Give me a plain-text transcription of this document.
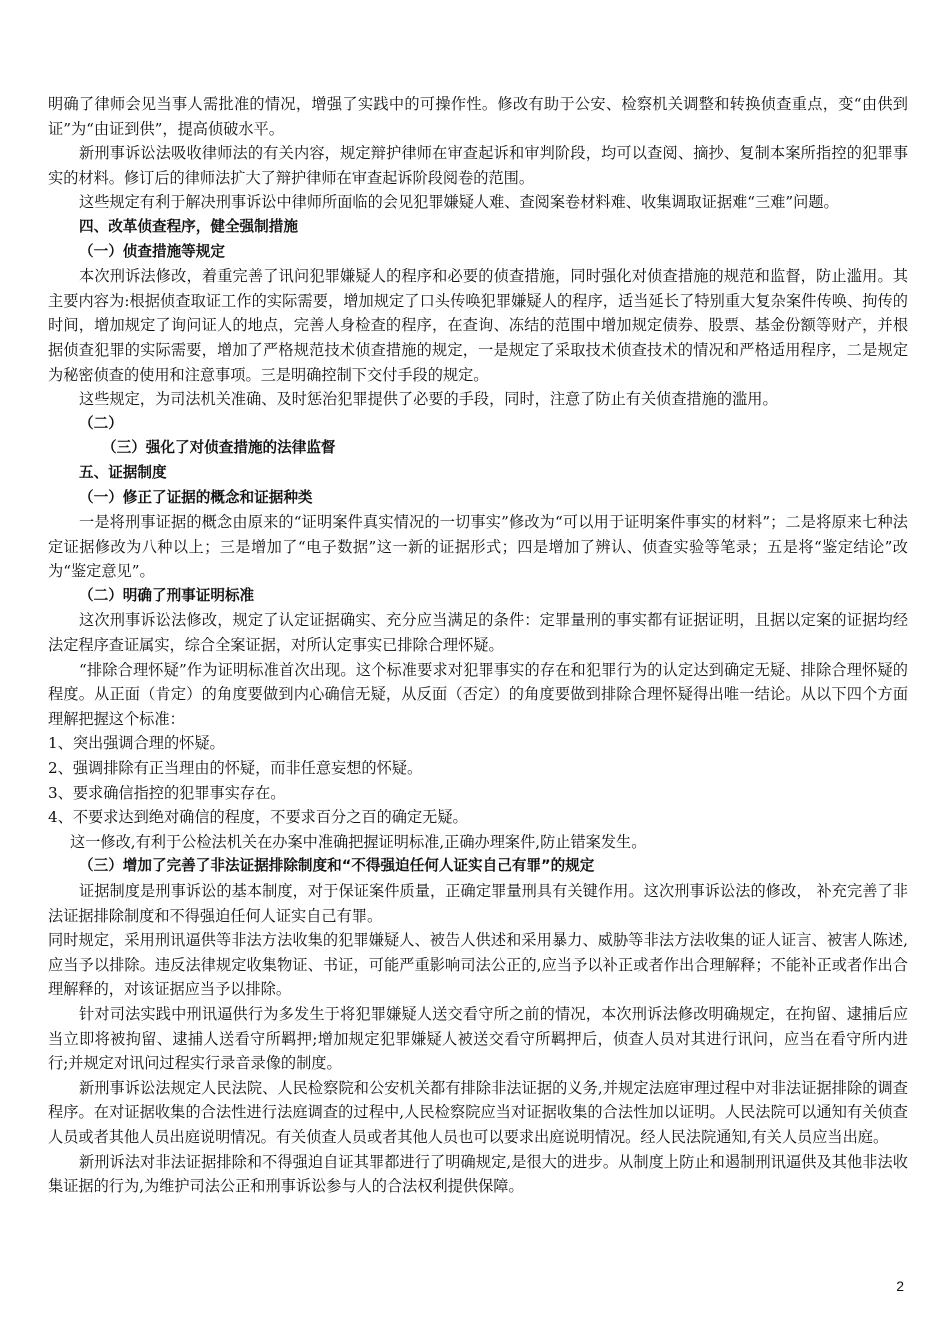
明确了律师会见当事人需批准的情况，增强了实践中的可操作性。修改有助于公安、检察机关调整和转换侦查重点，变“由供到证”为“由证到供”，提高侦破水平。

新刑事诉讼法吸收律师法的有关内容，规定辩护律师在审查起诉和审判阶段，均可以查阅、摘抄、复制本案所指控的犯罪事实的材料。修订后的律师法扩大了辩护律师在审查起诉阶段阅卷的范围。

这些规定有利于解决刑事诉讼中律师所面临的会见犯罪嫌疑人难、查阅案卷材料难、收集调取证据难“三难”问题。

四、改革侦查程序，健全强制措施

（一）侦查措施等规定

本次刑诉法修改，着重完善了讯问犯罪嫌疑人的程序和必要的侦查措施，同时强化对侦查措施的规范和监督，防止滥用。其主要内容为:根据侦查取证工作的实际需要，增加规定了口头传唤犯罪嫌疑人的程序，适当延长了特别重大复杂案件传唤、拘传的时间，增加规定了询问证人的地点，完善人身检查的程序，在查询、冻结的范围中增加规定债券、股票、基金份额等财产，并根据侦查犯罪的实际需要，增加了严格规范技术侦查措施的规定，一是规定了采取技术侦查技术的情况和严格适用程序，二是规定为秘密侦查的使用和注意事项。三是明确控制下交付手段的规定。

这些规定，为司法机关准确、及时惩治犯罪提供了必要的手段，同时，注意了防止有关侦查措施的滥用。

（二）

（三）强化了对侦查措施的法律监督

五、证据制度

（一）修正了证据的概念和证据种类

一是将刑事证据的概念由原来的“证明案件真实情况的一切事实”修改为“可以用于证明案件事实的材料”；二是将原来七种法定证据修改为八种以上；三是增加了“电子数据”这一新的证据形式；四是增加了辨认、侦查实验等笔录；五是将“鉴定结论”改为“鉴定意见”。

（二）明确了刑事证明标准

这次刑事诉讼法修改，规定了认定证据确实、充分应当满足的条件：定罪量刑的事实都有证据证明，且据以定案的证据均经法定程序查证属实，综合全案证据，对所认定事实已排除合理怀疑。

“排除合理怀疑”作为证明标准首次出现。这个标准要求对犯罪事实的存在和犯罪行为的认定达到确定无疑、排除合理怀疑的程度。从正面（肯定）的角度要做到内心确信无疑，从反面（否定）的角度要做到排除合理怀疑得出唯一结论。从以下四个方面理解把握这个标准：

1、突出强调合理的怀疑。

2、强调排除有正当理由的怀疑，而非任意妄想的怀疑。

3、要求确信指控的犯罪事实存在。

4、不要求达到绝对确信的程度，不要求百分之百的确定无疑。

这一修改,有利于公检法机关在办案中准确把握证明标准,正确办理案件,防止错案发生。

（三）增加了完善了非法证据排除制度和“不得强迫任何人证实自己有罪”的规定

证据制度是刑事诉讼的基本制度，对于保证案件质量，正确定罪量刑具有关键作用。这次刑事诉讼法的修改， 补充完善了非法证据排除制度和不得强迫任何人证实自己有罪。

同时规定，采用刑讯逼供等非法方法收集的犯罪嫌疑人、被告人供述和采用暴力、威胁等非法方法收集的证人证言、被害人陈述,应当予以排除。违反法律规定收集物证、书证，可能严重影响司法公正的,应当予以补正或者作出合理解释；不能补正或者作出合理解释的，对该证据应当予以排除。

针对司法实践中刑讯逼供行为多发生于将犯罪嫌疑人送交看守所之前的情况，本次刑诉法修改明确规定，在拘留、逮捕后应当立即将被拘留、逮捕人送看守所羁押;增加规定犯罪嫌疑人被送交看守所羁押后，侦查人员对其进行讯问，应当在看守所内进行;并规定对讯问过程实行录音录像的制度。

新刑事诉讼法规定人民法院、人民检察院和公安机关都有排除非法证据的义务,并规定法庭审理过程中对非法证据排除的调查程序。在对证据收集的合法性进行法庭调查的过程中,人民检察院应当对证据收集的合法性加以证明。人民法院可以通知有关侦查人员或者其他人员出庭说明情况。有关侦查人员或者其他人员也可以要求出庭说明情况。经人民法院通知,有关人员应当出庭。

新刑诉法对非法证据排除和不得强迫自证其罪都进行了明确规定,是很大的进步。从制度上防止和遏制刑讯逼供及其他非法收集证据的行为,为维护司法公正和刑事诉讼参与人的合法权利提供保障。

2
